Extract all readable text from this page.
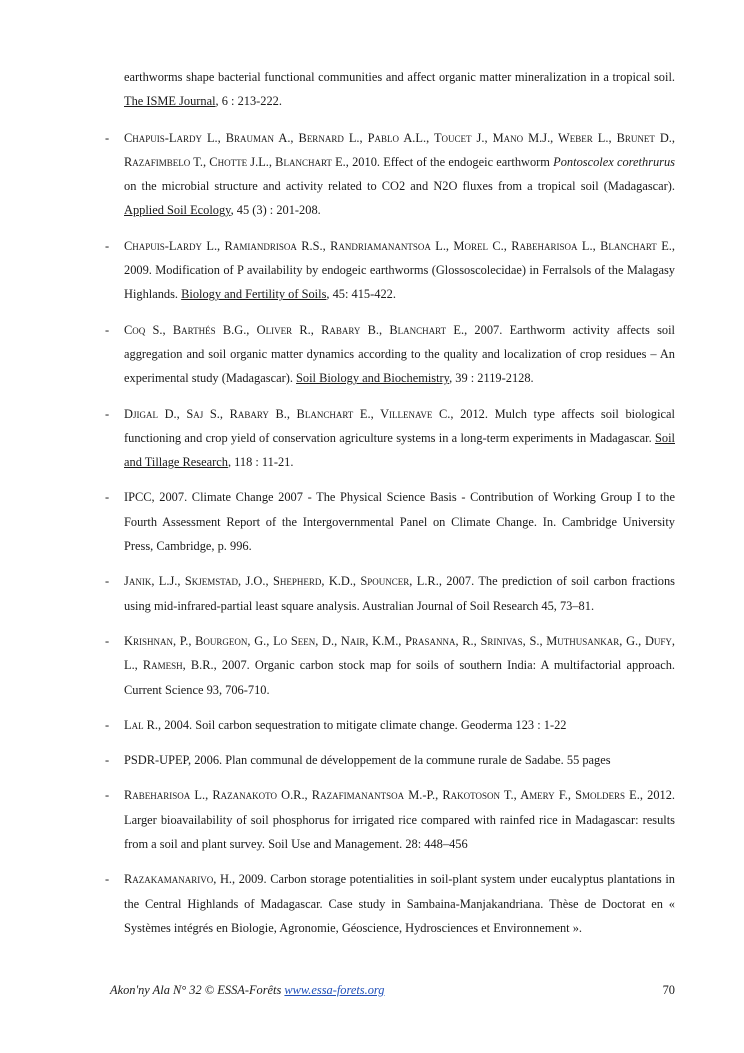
earthworms shape bacterial functional communities and affect organic matter mineralization in a tropical soil. The ISME Journal, 6 : 213-222.
- Chapuis-Lardy L., Brauman A., Bernard L., Pablo A.L., Toucet J., Mano M.J., Weber L., Brunet D., Razafimbelo T., Chotte J.L., Blanchart E., 2010. Effect of the endogeic earthworm Pontoscolex corethrurus on the microbial structure and activity related to CO2 and N2O fluxes from a tropical soil (Madagascar). Applied Soil Ecology, 45 (3) : 201-208.
- Chapuis-Lardy L., Ramiandrisoa R.S., Randriamanantsoa L., Morel C., Rabeharisoa L., Blanchart E., 2009. Modification of P availability by endogeic earthworms (Glossoscolecidae) in Ferralsols of the Malagasy Highlands. Biology and Fertility of Soils, 45: 415-422.
- Coq S., Barthés B.G., Oliver R., Rabary B., Blanchart E., 2007. Earthworm activity affects soil aggregation and soil organic matter dynamics according to the quality and localization of crop residues – An experimental study (Madagascar). Soil Biology and Biochemistry, 39 : 2119-2128.
- Djigal D., Saj S., Rabary B., Blanchart E., Villenave C., 2012. Mulch type affects soil biological functioning and crop yield of conservation agriculture systems in a long-term experiments in Madagascar. Soil and Tillage Research, 118 : 11-21.
- IPCC, 2007. Climate Change 2007 - The Physical Science Basis - Contribution of Working Group I to the Fourth Assessment Report of the Intergovernmental Panel on Climate Change. In. Cambridge University Press, Cambridge, p. 996.
- Janik, L.J., Skjemstad, J.O., Shepherd, K.D., Spouncer, L.R., 2007. The prediction of soil carbon fractions using mid-infrared-partial least square analysis. Australian Journal of Soil Research 45, 73–81.
- Krishnan, P., Bourgeon, G., Lo Seen, D., Nair, K.M., Prasanna, R., Srinivas, S., Muthusankar, G., Dufy, L., Ramesh, B.R., 2007. Organic carbon stock map for soils of southern India: A multifactorial approach. Current Science 93, 706-710.
- Lal R., 2004. Soil carbon sequestration to mitigate climate change. Geoderma 123 : 1-22
- PSDR-UPEP, 2006. Plan communal de développement de la commune rurale de Sadabe. 55 pages
- Rabeharisoa L., Razanakoto O.R., Razafimanantsoa M.-P., Rakotoson T., Amery F., Smolders E., 2012. Larger bioavailability of soil phosphorus for irrigated rice compared with rainfed rice in Madagascar: results from a soil and plant survey. Soil Use and Management. 28: 448–456
- Razakamanarivo, H., 2009. Carbon storage potentialities in soil-plant system under eucalyptus plantations in the Central Highlands of Madagascar. Case study in Sambaina-Manjakandriana. Thèse de Doctorat en « Systèmes intégrés en Biologie, Agronomie, Géoscience, Hydrosciences et Environnement ».
Akon'ny Ala N° 32 © ESSA-Forêts www.essa-forets.org	70
